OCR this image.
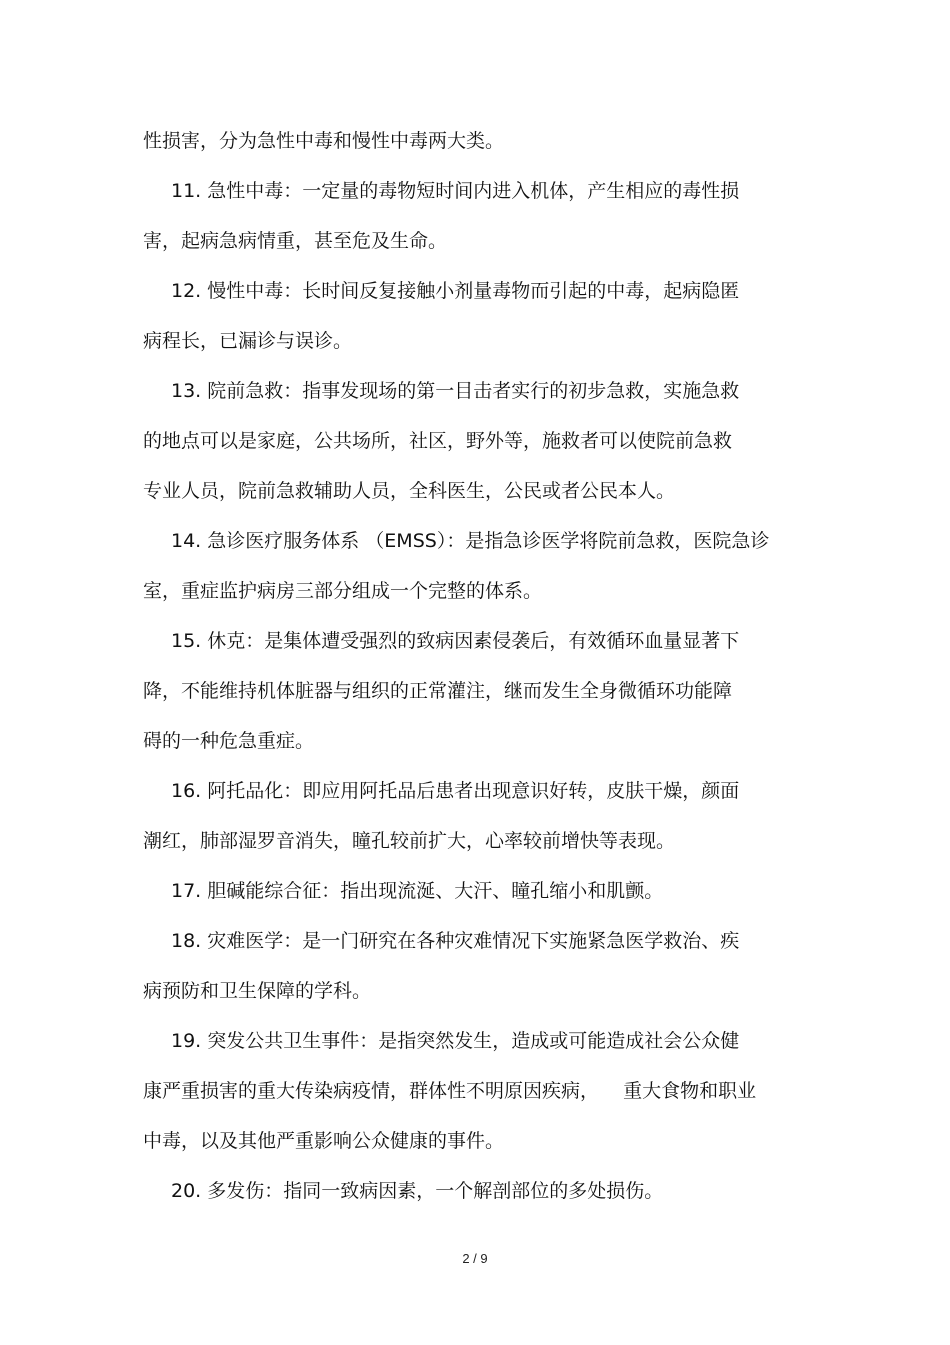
性损害，分为急性中毒和慢性中毒两大类。
11. 急性中毒：一定量的毒物短时间内进入机体，产生相应的毒性损
害，起病急病情重，甚至危及生命。
12. 慢性中毒：长时间反复接触小剂量毒物而引起的中毒，起病隐匿
病程长，已漏诊与误诊。
13. 院前急救：指事发现场的第一目击者实行的初步急救，实施急救
的地点可以是家庭，公共场所，社区，野外等，施救者可以使院前急救
专业人员，院前急救辅助人员，全科医生，公民或者公民本人。
14. 急诊医疗服务体系 （EMSS）：是指急诊医学将院前急救，医院急诊
室，重症监护病房三部分组成一个完整的体系。
15. 休克：是集体遭受强烈的致病因素侵袭后，有效循环血量显著下
降，不能维持机体脏器与组织的正常灌注，继而发生全身微循环功能障
碍的一种危急重症。
16. 阿托品化：即应用阿托品后患者出现意识好转，皮肤干燥，颜面
潮红，肺部湿罗音消失，瞳孔较前扩大，心率较前增快等表现。
17. 胆碱能综合征：指出现流涎、大汗、瞳孔缩小和肌颤。
18. 灾难医学：是一门研究在各种灾难情况下实施紧急医学救治、疾
病预防和卫生保障的学科。
19. 突发公共卫生事件：是指突然发生，造成或可能造成社会公众健
康严重损害的重大传染病疫情，群体性不明原因疾病，    重大食物和职业
中毒，以及其他严重影响公众健康的事件。
20. 多发伤：指同一致病因素，一个解剖部位的多处损伤。
2 / 9
